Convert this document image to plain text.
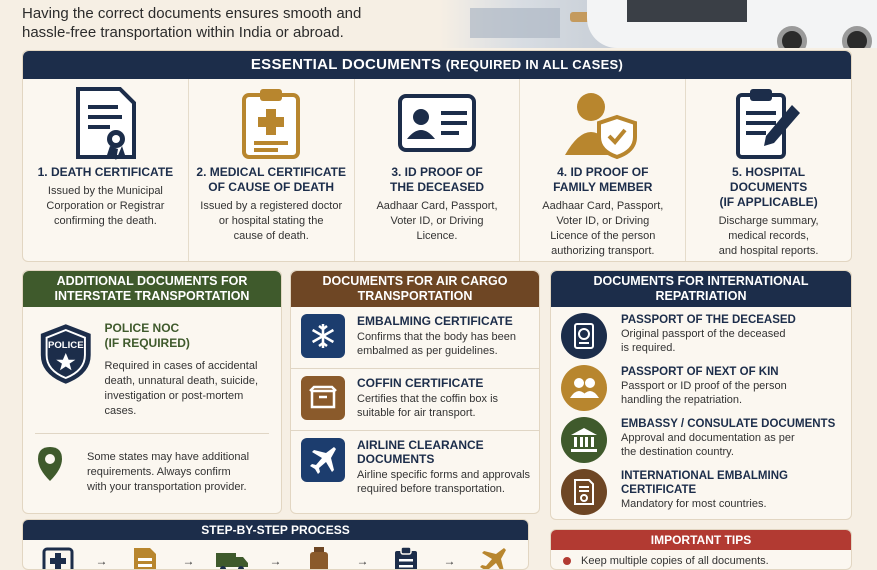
Having the correct documents ensures smooth and
hassle-free transportation within India or abroad.
ESSENTIAL DOCUMENTS (REQUIRED IN ALL CASES)
1. DEATH CERTIFICATE
Issued by the Municipal
Corporation or Registrar
confirming the death.
2. MEDICAL CERTIFICATE
OF CAUSE OF DEATH
Issued by a registered doctor
or hospital stating the
cause of death.
3. ID PROOF OF
THE DECEASED
Aadhaar Card, Passport,
Voter ID, or Driving
Licence.
4. ID PROOF OF
FAMILY MEMBER
Aadhaar Card, Passport,
Voter ID, or Driving
Licence of the person
authorizing transport.
5. HOSPITAL DOCUMENTS
(IF APPLICABLE)
Discharge summary,
medical records,
and hospital reports.
ADDITIONAL DOCUMENTS FOR
INTERSTATE TRANSPORTATION
POLICE
POLICE NOC
(IF REQUIRED)
Required in cases of accidental
death, unnatural death, suicide,
investigation or post-mortem cases.
Some states may have additional
requirements. Always confirm
with your transportation provider.
DOCUMENTS FOR AIR CARGO
TRANSPORTATION
EMBALMING CERTIFICATE
Confirms that the body has been
embalmed as per guidelines.
COFFIN CERTIFICATE
Certifies that the coffin box is
suitable for air transport.
AIRLINE CLEARANCE
DOCUMENTS
Airline specific forms and approvals
required before transportation.
DOCUMENTS FOR INTERNATIONAL
REPATRIATION
PASSPORT OF THE DECEASED
Original passport of the deceased
is required.
PASSPORT OF NEXT OF KIN
Passport or ID proof of the person
handling the repatriation.
EMBASSY / CONSULATE DOCUMENTS
Approval and documentation as per
the destination country.
INTERNATIONAL EMBALMING
CERTIFICATE
Mandatory for most countries.
STEP-BY-STEP PROCESS
→	→	→	→	→
IMPORTANT TIPS
Keep multiple copies of all documents.
